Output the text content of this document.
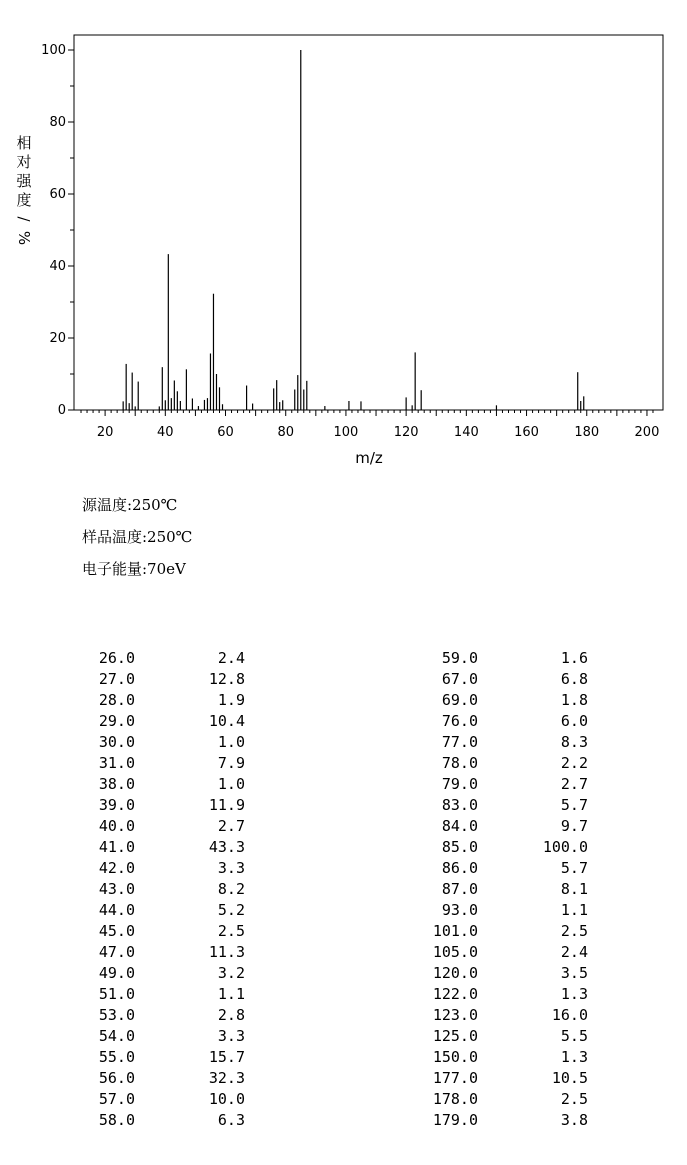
0
20
40
60
80
100
20	40	60	80	100	120	140	160	180	200
m/z
相
对
强
度
/
%
源温度:250℃
样品温度:250℃
电子能量:70eV
26.0	2.4
27.0	12.8
28.0	1.9
29.0	10.4
30.0	1.0
31.0	7.9
38.0	1.0
39.0	11.9
40.0	2.7
41.0	43.3
42.0	3.3
43.0	8.2
44.0	5.2
45.0	2.5
47.0	11.3
49.0	3.2
51.0	1.1
53.0	2.8
54.0	3.3
55.0	15.7
56.0	32.3
57.0	10.0
58.0	6.3
59.0	1.6
67.0	6.8
69.0	1.8
76.0	6.0
77.0	8.3
78.0	2.2
79.0	2.7
83.0	5.7
84.0	9.7
85.0	100.0
86.0	5.7
87.0	8.1
93.0	1.1
101.0	2.5
105.0	2.4
120.0	3.5
122.0	1.3
123.0	16.0
125.0	5.5
150.0	1.3
177.0	10.5
178.0	2.5
179.0	3.8
